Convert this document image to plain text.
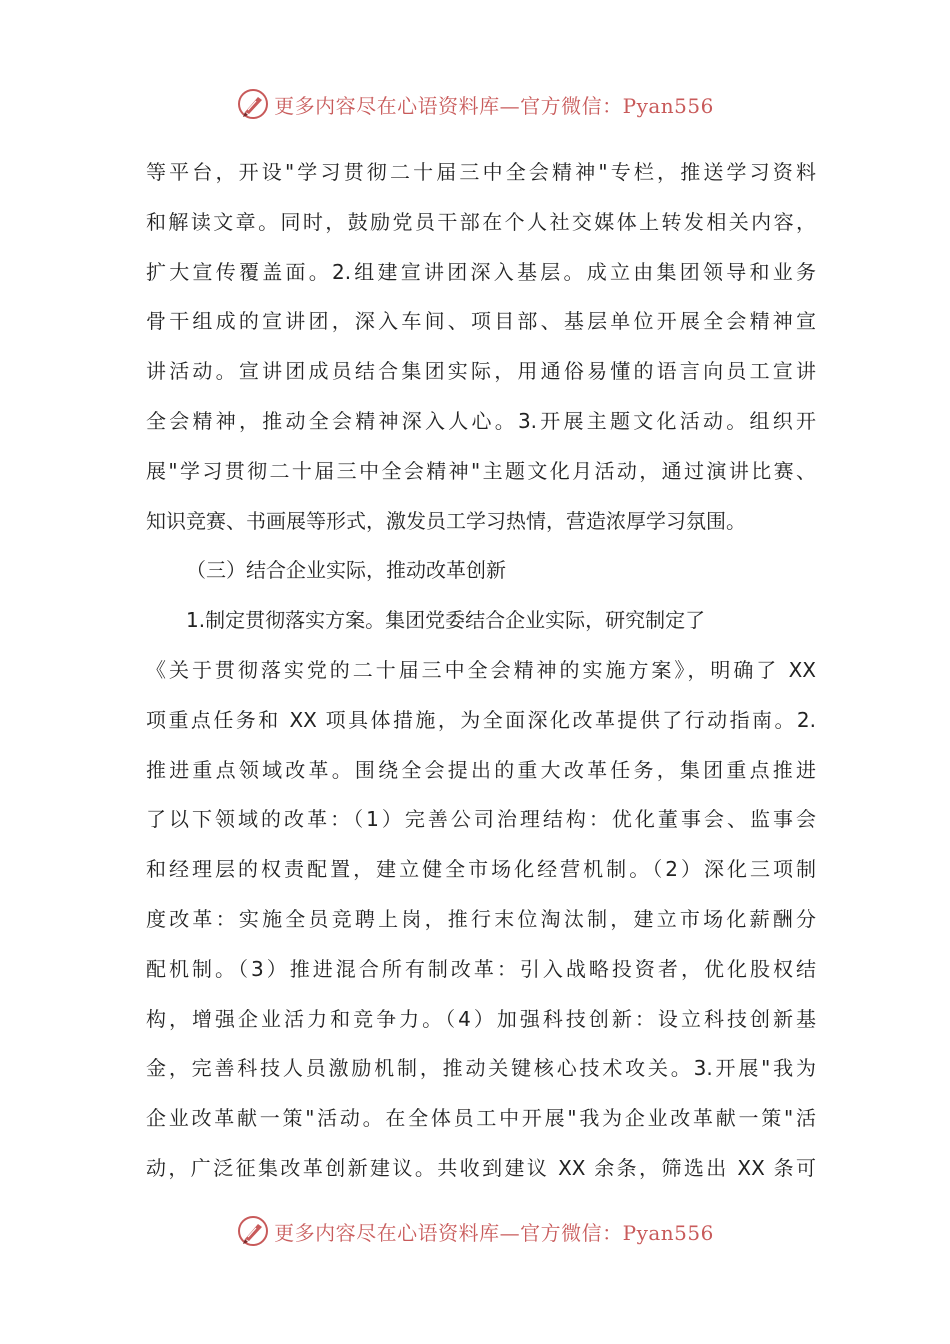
更多内容尽在心语资料库—官方微信：Pyan556
等平台，开设"学习贯彻二十届三中全会精神"专栏，推送学习资料
和解读文章。同时，鼓励党员干部在个人社交媒体上转发相关内容，
扩大宣传覆盖面。2.组建宣讲团深入基层。成立由集团领导和业务
骨干组成的宣讲团，深入车间、项目部、基层单位开展全会精神宣
讲活动。宣讲团成员结合集团实际，用通俗易懂的语言向员工宣讲
全会精神，推动全会精神深入人心。3.开展主题文化活动。组织开
展"学习贯彻二十届三中全会精神"主题文化月活动，通过演讲比赛、
知识竞赛、书画展等形式，激发员工学习热情，营造浓厚学习氛围。
（三）结合企业实际，推动改革创新
1.制定贯彻落实方案。集团党委结合企业实际，研究制定了
《关于贯彻落实党的二十届三中全会精神的实施方案》，明确了 XX
项重点任务和 XX 项具体措施，为全面深化改革提供了行动指南。2.
推进重点领域改革。围绕全会提出的重大改革任务，集团重点推进
了以下领域的改革：（1）完善公司治理结构：优化董事会、监事会
和经理层的权责配置，建立健全市场化经营机制。（2）深化三项制
度改革：实施全员竞聘上岗，推行末位淘汰制，建立市场化薪酬分
配机制。（3）推进混合所有制改革：引入战略投资者，优化股权结
构，增强企业活力和竞争力。（4）加强科技创新：设立科技创新基
金，完善科技人员激励机制，推动关键核心技术攻关。3.开展"我为
企业改革献一策"活动。在全体员工中开展"我为企业改革献一策"活
动，广泛征集改革创新建议。共收到建议 XX 余条，筛选出 XX 条可
更多内容尽在心语资料库—官方微信：Pyan556
